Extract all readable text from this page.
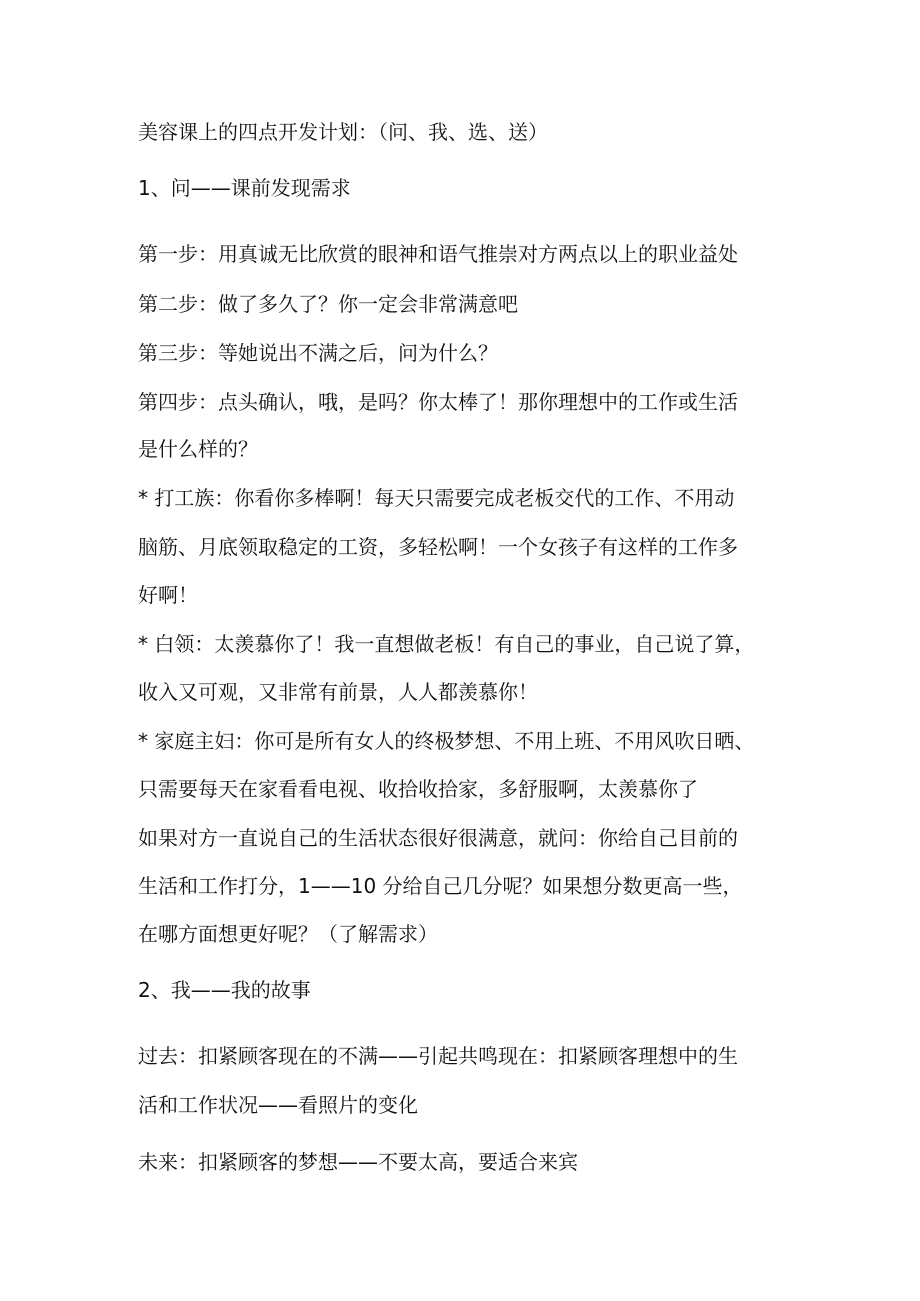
美容课上的四点开发计划：（问、我、选、送）
1、问——课前发现需求

第一步：用真诚无比欣赏的眼神和语气推崇对方两点以上的职业益处

第二步：做了多久了？你一定会非常满意吧

第三步：等她说出不满之后，问为什么？

第四步：点头确认，哦，是吗？你太棒了！那你理想中的工作或生活

是什么样的？

* 打工族：你看你多棒啊！每天只需要完成老板交代的工作、不用动

脑筋、月底领取稳定的工资，多轻松啊！一个女孩子有这样的工作多

好啊！

* 白领：太羡慕你了！我一直想做老板！有自己的事业，自己说了算，

收入又可观，又非常有前景，人人都羡慕你！

* 家庭主妇：你可是所有女人的终极梦想、不用上班、不用风吹日晒、

只需要每天在家看看电视、收拾收拾家，多舒服啊，太羡慕你了

如果对方一直说自己的生活状态很好很满意，就问：你给自己目前的

生活和工作打分，1——10 分给自己几分呢？如果想分数更高一些，

在哪方面想更好呢？（了解需求）

2、我——我的故事

过去：扣紧顾客现在的不满——引起共鸣现在：扣紧顾客理想中的生

活和工作状况——看照片的变化

未来：扣紧顾客的梦想——不要太高，要适合来宾
